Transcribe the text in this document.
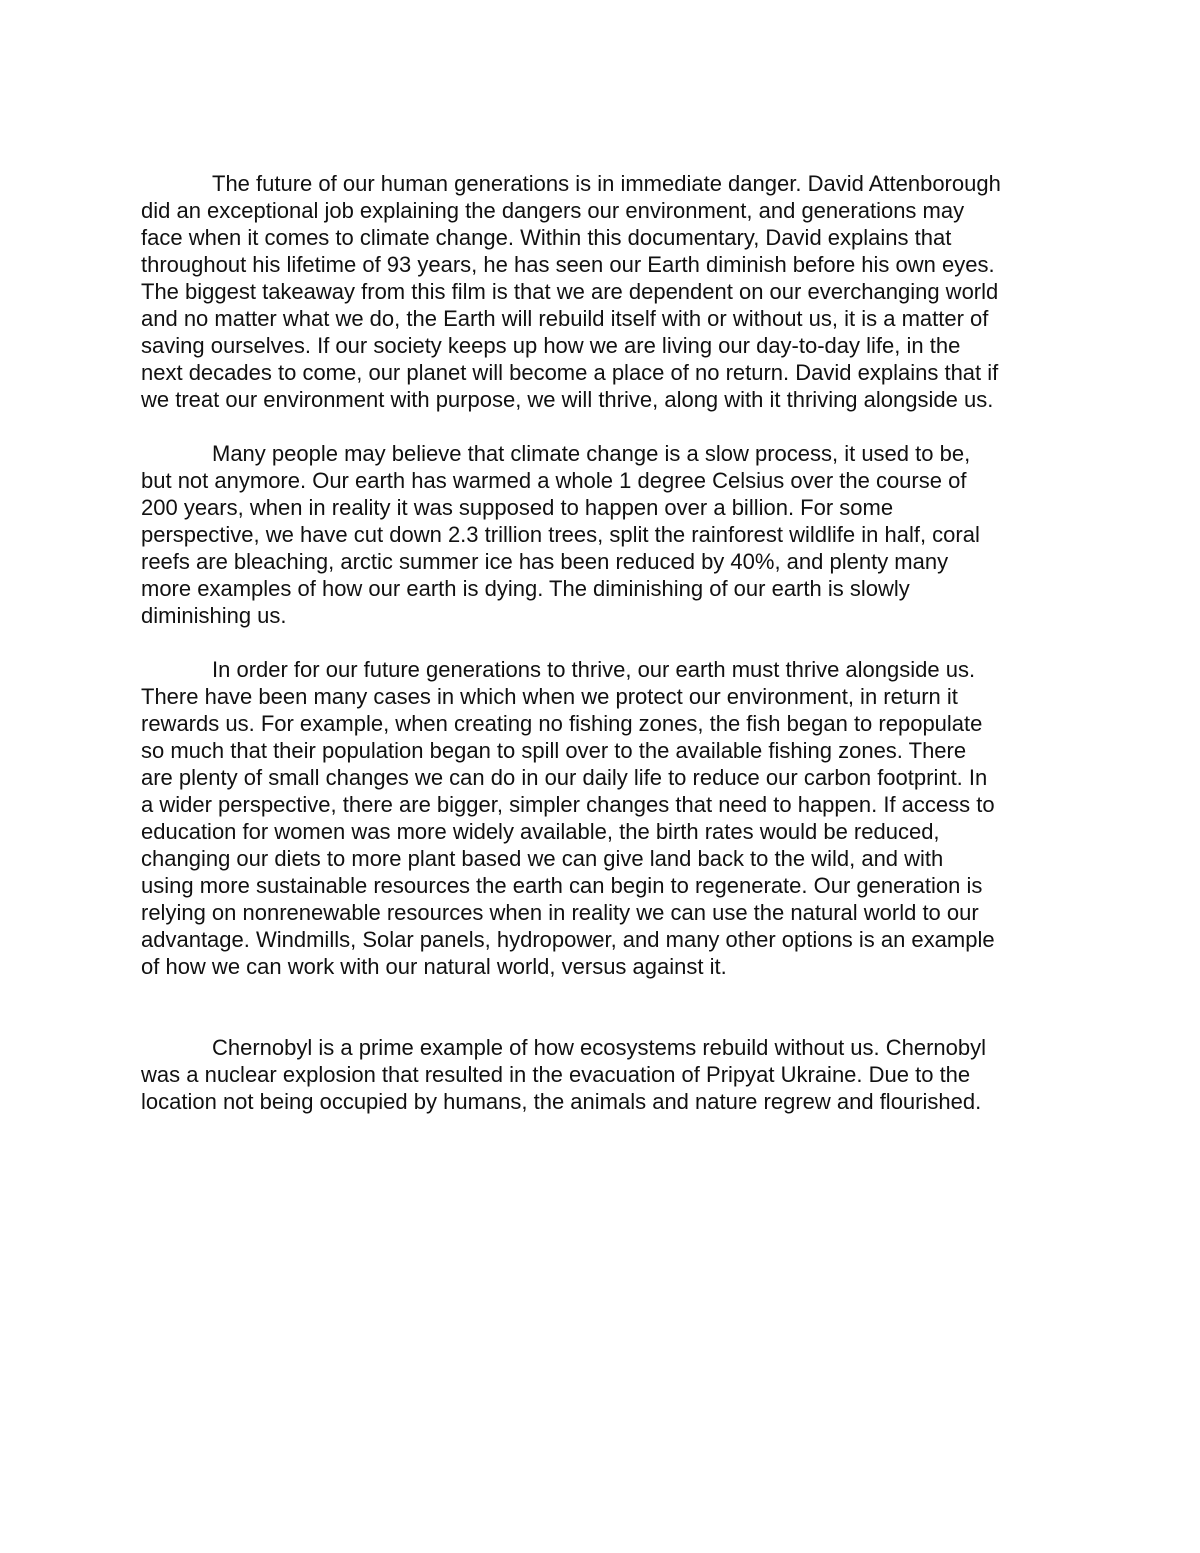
The future of our human generations is in immediate danger. David Attenborough
did an exceptional job explaining the dangers our environment, and generations may
face when it comes to climate change. Within this documentary, David explains that
throughout his lifetime of 93 years, he has seen our Earth diminish before his own eyes.
The biggest takeaway from this film is that we are dependent on our everchanging world
and no matter what we do, the Earth will rebuild itself with or without us, it is a matter of
saving ourselves. If our society keeps up how we are living our day-to-day life, in the
next decades to come, our planet will become a place of no return. David explains that if
we treat our environment with purpose, we will thrive, along with it thriving alongside us.

Many people may believe that climate change is a slow process, it used to be,
but not anymore. Our earth has warmed a whole 1 degree Celsius over the course of
200 years, when in reality it was supposed to happen over a billion. For some
perspective, we have cut down 2.3 trillion trees, split the rainforest wildlife in half, coral
reefs are bleaching, arctic summer ice has been reduced by 40%, and plenty many
more examples of how our earth is dying. The diminishing of our earth is slowly
diminishing us.

In order for our future generations to thrive, our earth must thrive alongside us.
There have been many cases in which when we protect our environment, in return it
rewards us. For example, when creating no fishing zones, the fish began to repopulate
so much that their population began to spill over to the available fishing zones. There
are plenty of small changes we can do in our daily life to reduce our carbon footprint. In
a wider perspective, there are bigger, simpler changes that need to happen. If access to
education for women was more widely available, the birth rates would be reduced,
changing our diets to more plant based we can give land back to the wild, and with
using more sustainable resources the earth can begin to regenerate. Our generation is
relying on nonrenewable resources when in reality we can use the natural world to our
advantage. Windmills, Solar panels, hydropower, and many other options is an example
of how we can work with our natural world, versus against it.

Chernobyl is a prime example of how ecosystems rebuild without us. Chernobyl
was a nuclear explosion that resulted in the evacuation of Pripyat Ukraine. Due to the
location not being occupied by humans, the animals and nature regrew and flourished.
